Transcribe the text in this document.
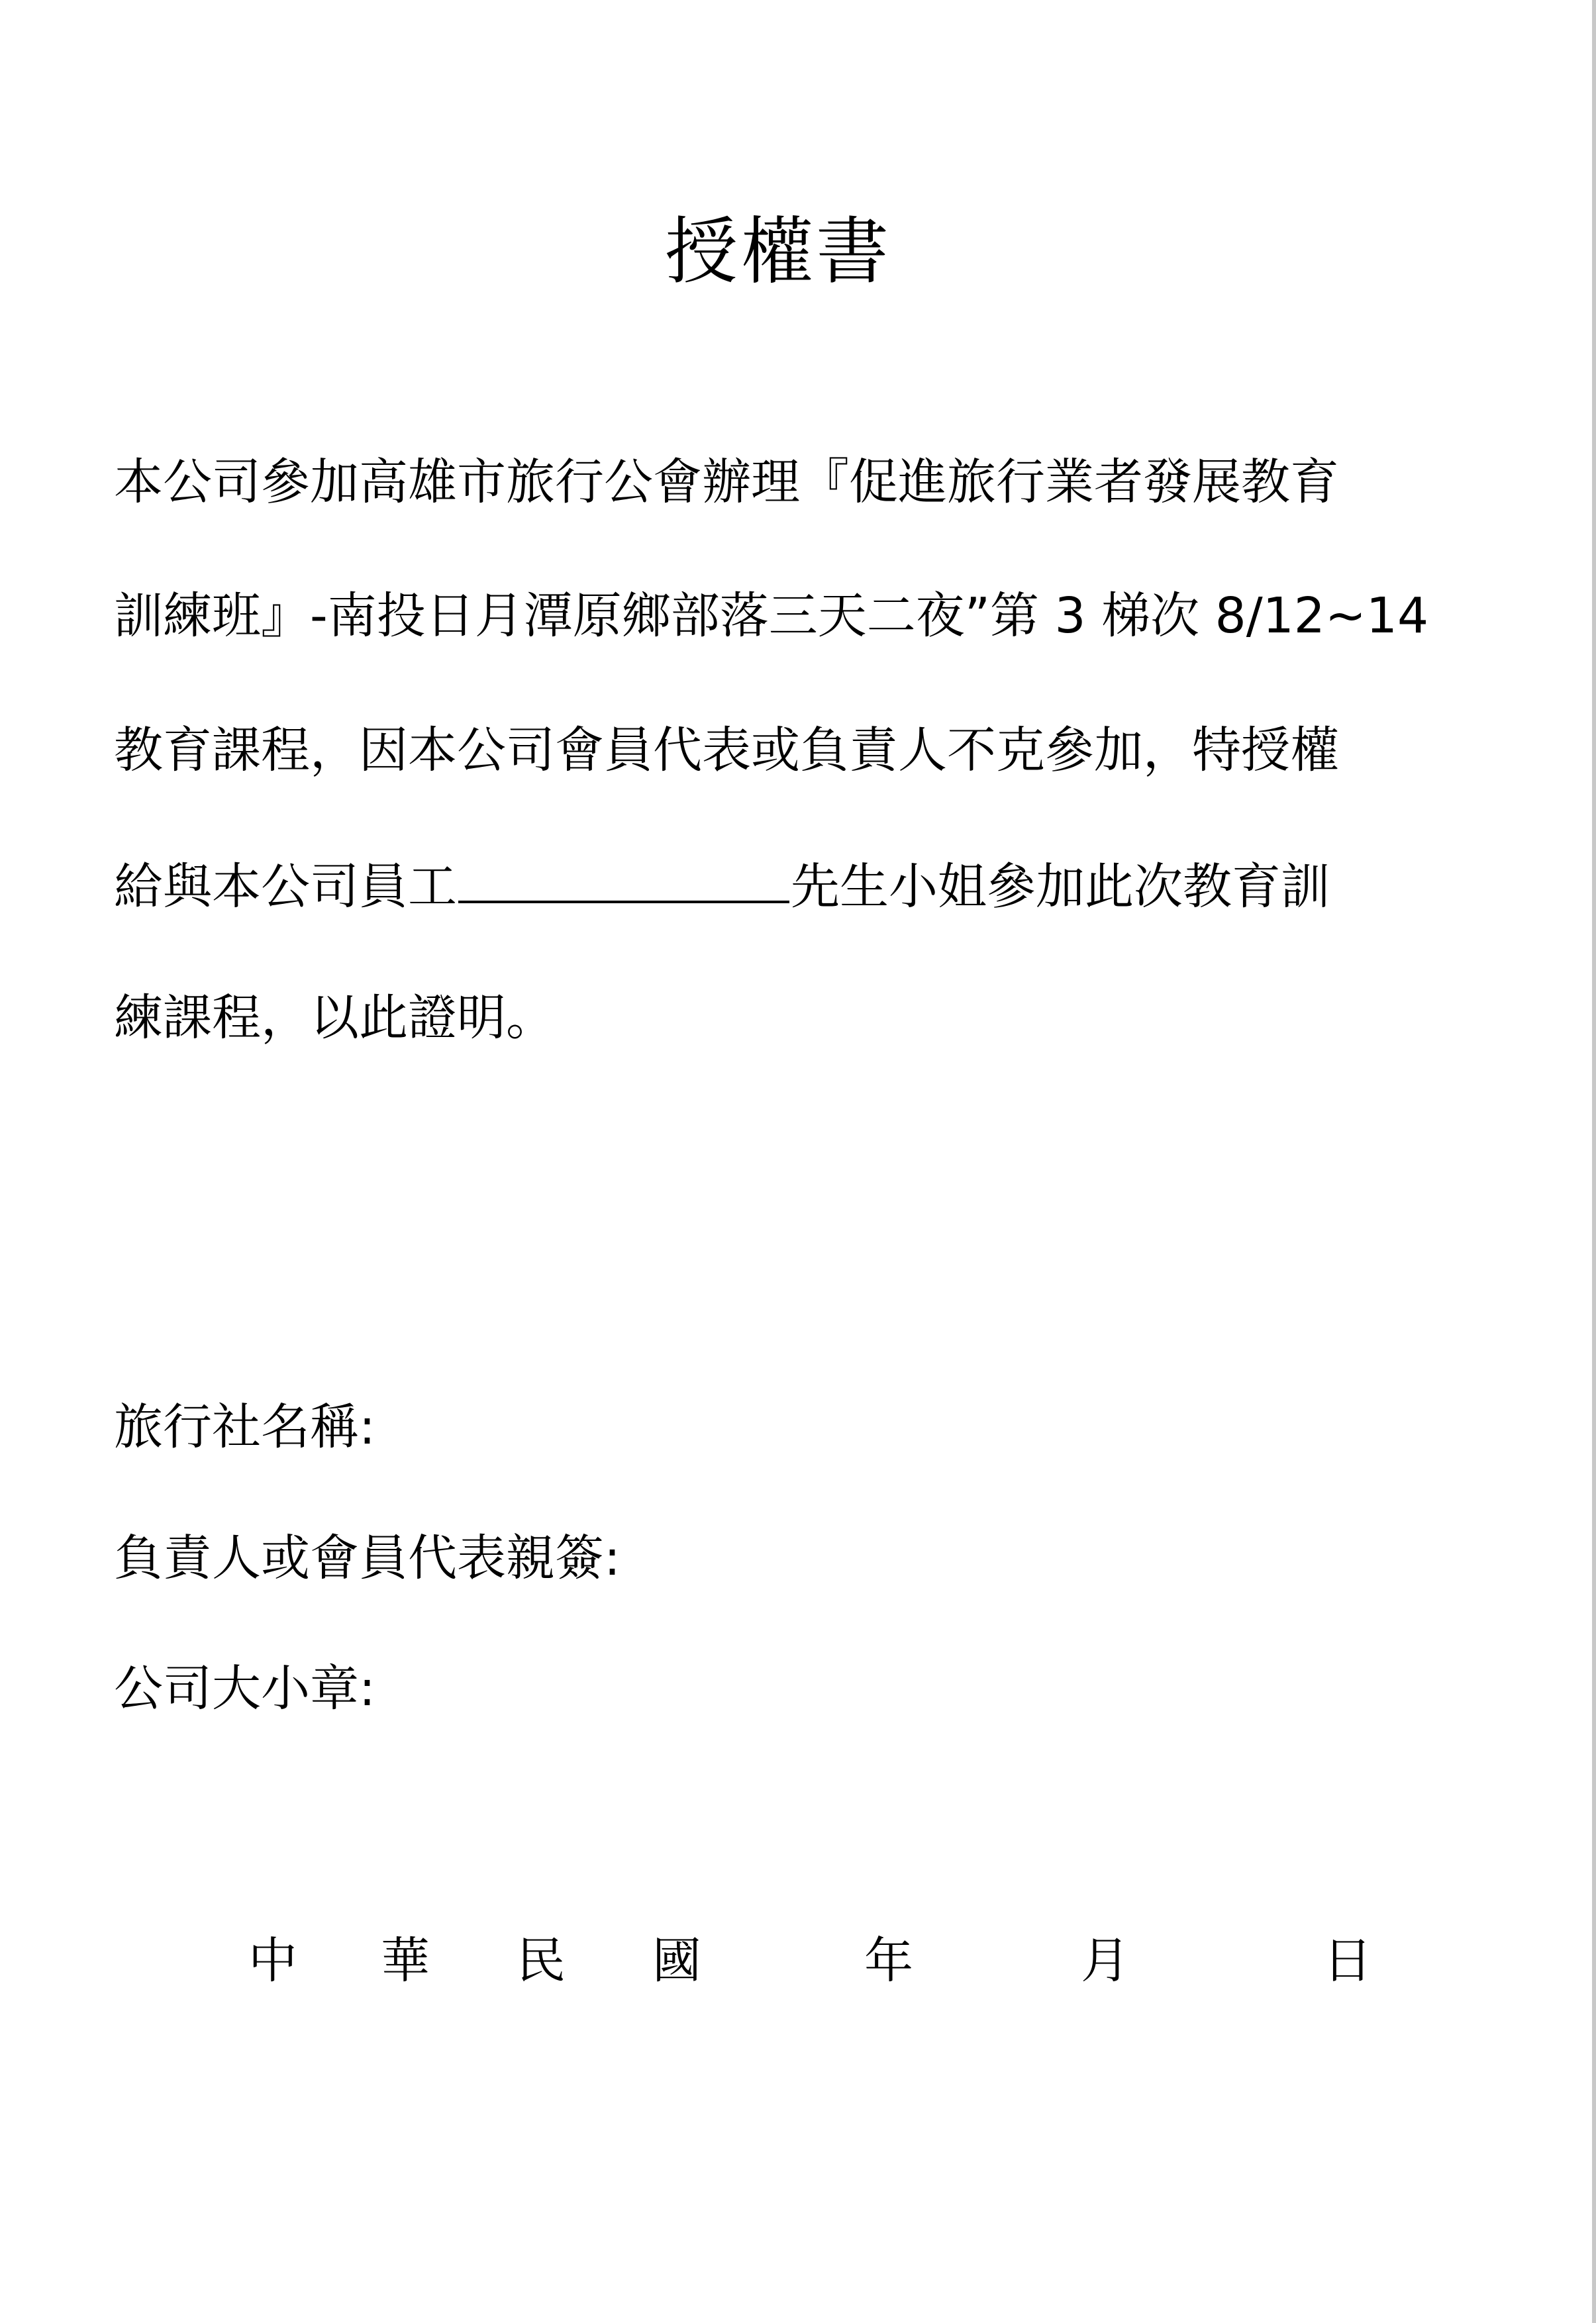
授權書
本公司參加高雄市旅行公會辦理『促進旅行業者發展教育
訓練班』-南投日月潭原鄉部落三天二夜”第 3 梯次 8/12~14
教育課程，因本公司會員代表或負責人不克參加，特授權
給與本公司員工	先生小姐參加此次教育訓
練課程，以此證明。
旅行社名稱:
負責人或會員代表親簽:
公司大小章:
中 華 民 國	年	月	日
